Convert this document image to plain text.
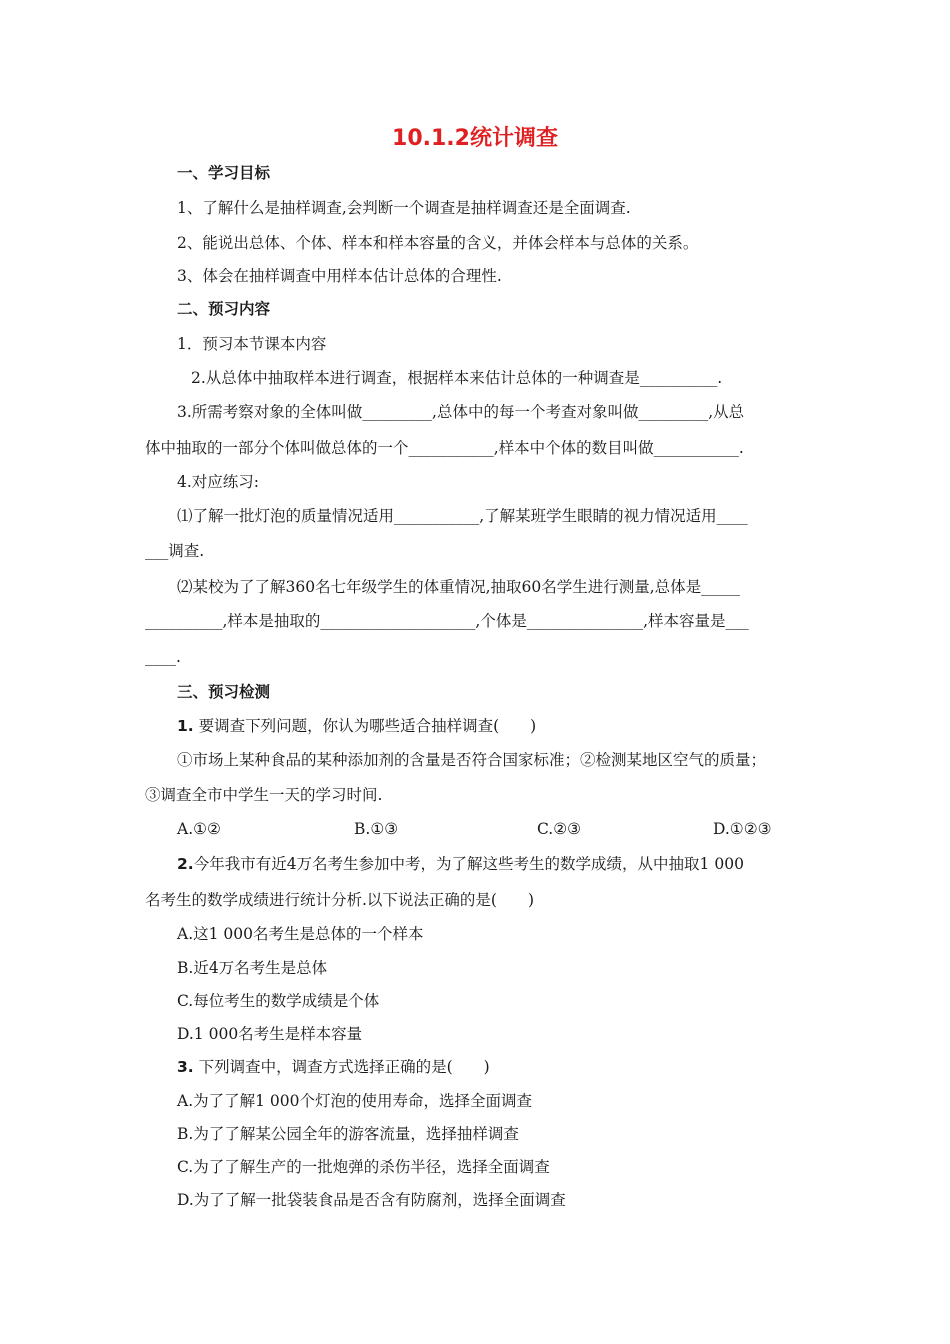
10.1.2统计调查
一、学习目标
1、了解什么是抽样调查,会判断一个调查是抽样调查还是全面调查.
2、能说出总体、个体、样本和样本容量的含义，并体会样本与总体的关系。
3、体会在抽样调查中用样本估计总体的合理性.
二、预习内容
1．预习本节课本内容
2.从总体中抽取样本进行调查，根据样本来估计总体的一种调查是__________.
3.所需考察对象的全体叫做_________,总体中的每一个考查对象叫做_________,从总
体中抽取的一部分个体叫做总体的一个___________,样本中个体的数目叫做___________.
4.对应练习:
⑴了解一批灯泡的质量情况适用___________,了解某班学生眼睛的视力情况适用____
___调查.
⑵某校为了了解360名七年级学生的体重情况,抽取60名学生进行测量,总体是_____
__________,样本是抽取的____________________,个体是_______________,样本容量是___
____.
三、预习检测
1. 要调查下列问题，你认为哪些适合抽样调查(　　)
①市场上某种食品的某种添加剂的含量是否符合国家标准；②检测某地区空气的质量；
③调查全市中学生一天的学习时间.
A.①②	B.①③	C.②③	D.①②③
2.今年我市有近4万名考生参加中考，为了解这些考生的数学成绩，从中抽取1 000
名考生的数学成绩进行统计分析.以下说法正确的是(　　)
A.这1 000名考生是总体的一个样本
B.近4万名考生是总体
C.每位考生的数学成绩是个体
D.1 000名考生是样本容量
3. 下列调查中，调查方式选择正确的是(　　)
A.为了了解1 000个灯泡的使用寿命，选择全面调查
B.为了了解某公园全年的游客流量，选择抽样调查
C.为了了解生产的一批炮弹的杀伤半径，选择全面调查
D.为了了解一批袋装食品是否含有防腐剂，选择全面调查
